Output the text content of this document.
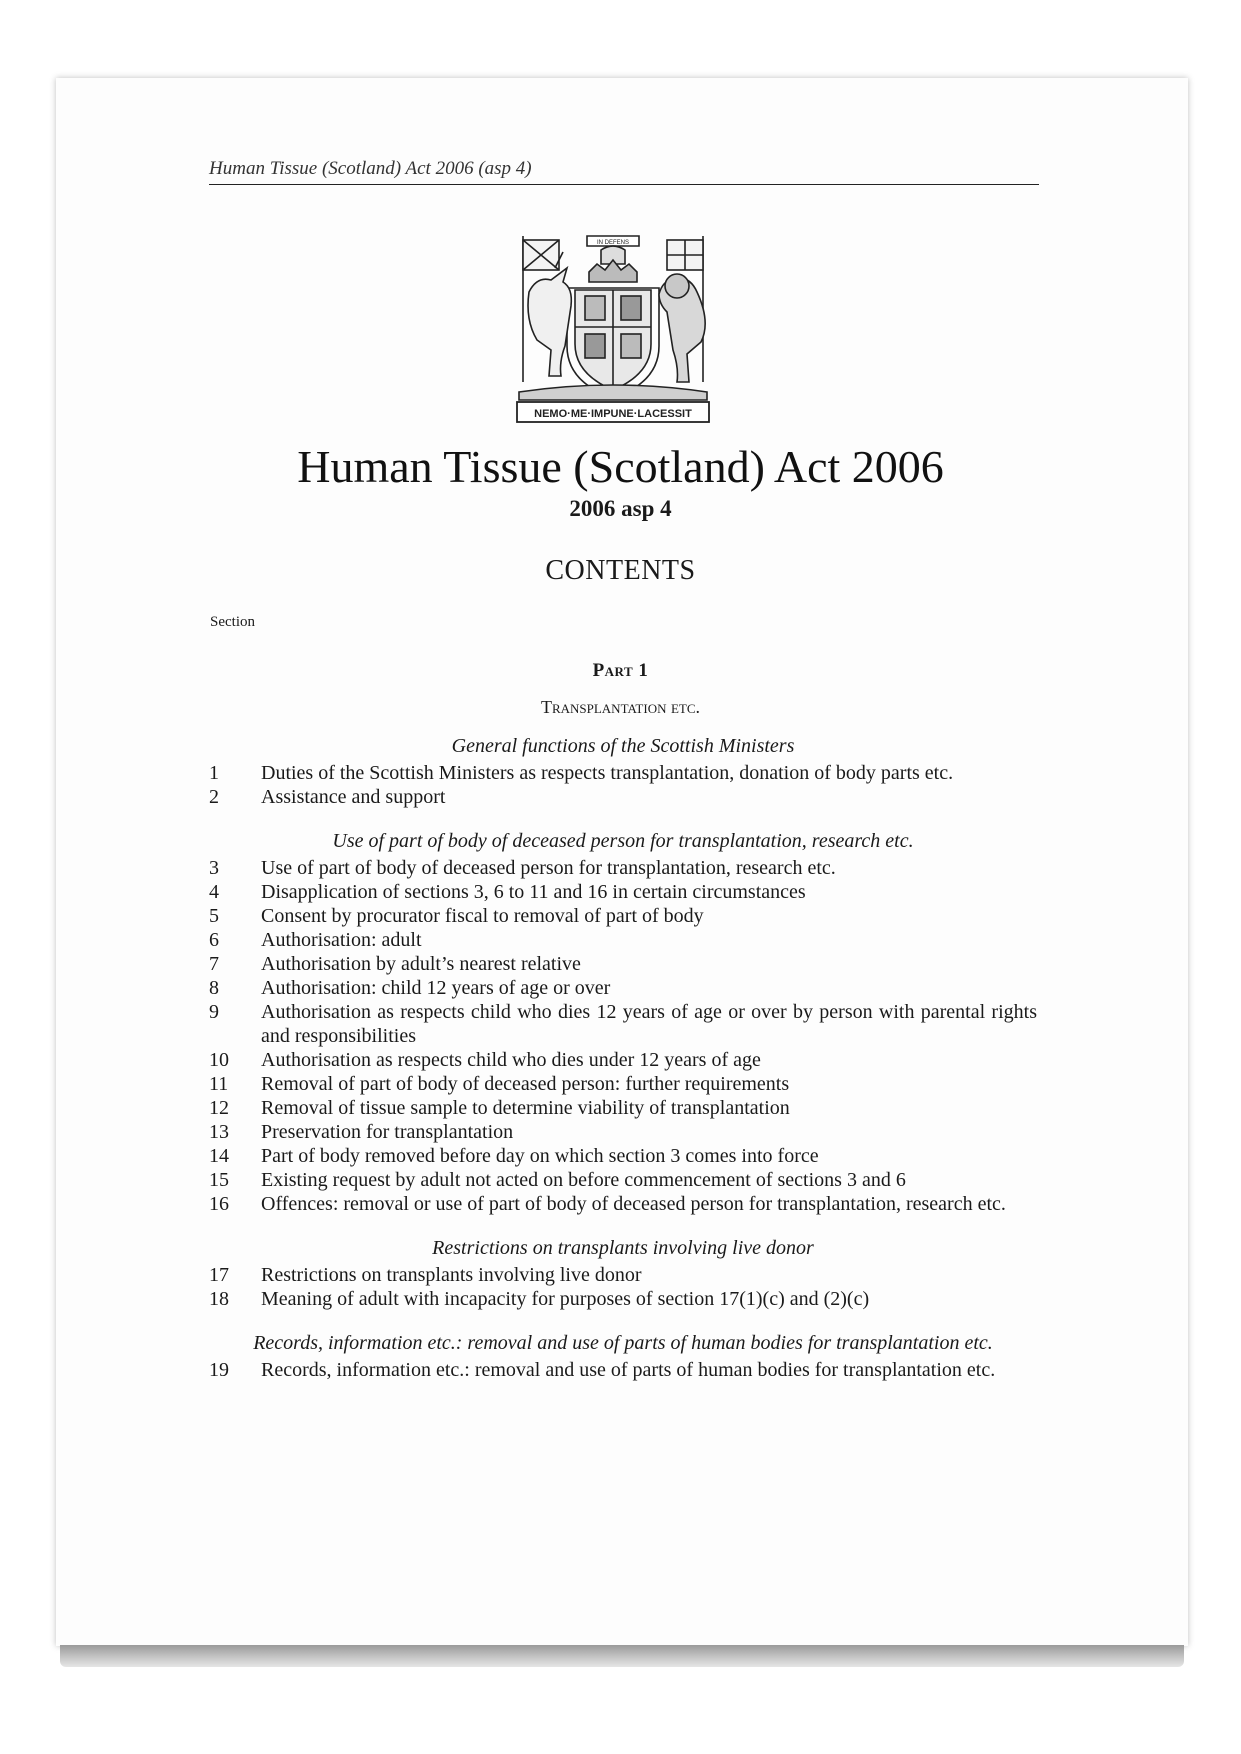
Human Tissue (Scotland) Act 2006 (asp 4)
NEMO·ME·IMPUNE·LACESSIT
IN DEFENS
Human Tissue (Scotland) Act 2006
2006 asp 4
CONTENTS
Section
Part 1
Transplantation etc.
General functions of the Scottish Ministers
1	Duties of the Scottish Ministers as respects transplantation, donation of body parts etc.
2	Assistance and support
Use of part of body of deceased person for transplantation, research etc.
3	Use of part of body of deceased person for transplantation, research etc.
4	Disapplication of sections 3, 6 to 11 and 16 in certain circumstances
5	Consent by procurator fiscal to removal of part of body
6	Authorisation: adult
7	Authorisation by adult’s nearest relative
8	Authorisation: child 12 years of age or over
9	Authorisation as respects child who dies 12 years of age or over by person with parental rights and responsibilities
10	Authorisation as respects child who dies under 12 years of age
11	Removal of part of body of deceased person: further requirements
12	Removal of tissue sample to determine viability of transplantation
13	Preservation for transplantation
14	Part of body removed before day on which section 3 comes into force
15	Existing request by adult not acted on before commencement of sections 3 and 6
16	Offences: removal or use of part of body of deceased person for transplantation, research etc.
Restrictions on transplants involving live donor
17	Restrictions on transplants involving live donor
18	Meaning of adult with incapacity for purposes of section 17(1)(c) and (2)(c)
Records, information etc.: removal and use of parts of human bodies for transplantation etc.
19	Records, information etc.: removal and use of parts of human bodies for transplantation etc.
